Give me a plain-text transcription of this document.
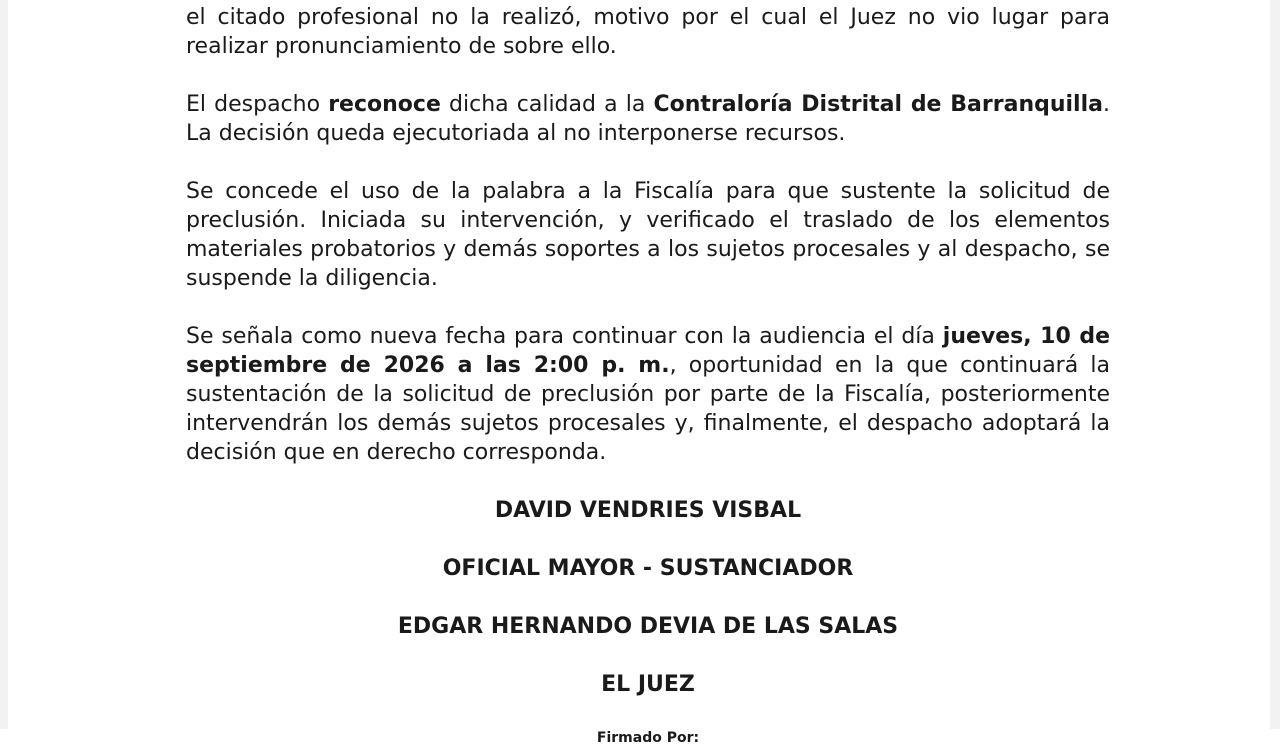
el citado profesional no la realizó, motivo por el cual el Juez no vio lugar para realizar pronunciamiento de sobre ello.

El despacho reconoce dicha calidad a la Contraloría Distrital de Barranquilla. La decisión queda ejecutoriada al no interponerse recursos.

Se concede el uso de la palabra a la Fiscalía para que sustente la solicitud de preclusión. Iniciada su intervención, y verificado el traslado de los elementos materiales probatorios y demás soportes a los sujetos procesales y al despacho, se suspende la diligencia.

Se señala como nueva fecha para continuar con la audiencia el día jueves, 10 de septiembre de 2026 a las 2:00 p. m., oportunidad en la que continuará la sustentación de la solicitud de preclusión por parte de la Fiscalía, posteriormente intervendrán los demás sujetos procesales y, finalmente, el despacho adoptará la decisión que en derecho corresponda.

DAVID VENDRIES VISBAL

OFICIAL MAYOR - SUSTANCIADOR

EDGAR HERNANDO DEVIA DE LAS SALAS

EL JUEZ

Firmado Por:
